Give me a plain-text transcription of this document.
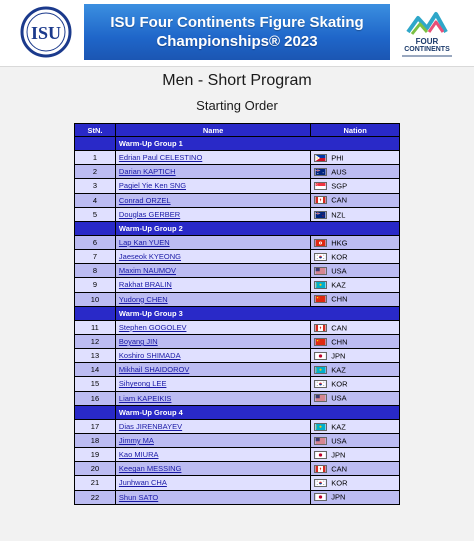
ISU
ISU Four Continents Figure Skating
Championships® 2023	FOUR
CONTINENTS
Men - Short Program
Starting Order
StN.	Name	Nation
	Warm-Up Group 1	
1	Edrian Paul CELESTINO	PHI
2	Darian KAPTICH	AUS
3	Pagiel Yie Ken SNG	SGP
4	Conrad ORZEL	CAN
5	Douglas GERBER	NZL
	Warm-Up Group 2	
6	Lap Kan YUEN	HKG
7	Jaeseok KYEONG	KOR
8	Maxim NAUMOV	USA
9	Rakhat BRALIN	KAZ
10	Yudong CHEN	CHN
	Warm-Up Group 3	
11	Stephen GOGOLEV	CAN
12	Boyang JIN	CHN
13	Koshiro SHIMADA	JPN
14	Mikhail SHAIDOROV	KAZ
15	Sihyeong LEE	KOR
16	Liam KAPEIKIS	USA
	Warm-Up Group 4	
17	Dias JIRENBAYEV	KAZ
18	Jimmy MA	USA
19	Kao MIURA	JPN
20	Keegan MESSING	CAN
21	Junhwan CHA	KOR
22	Shun SATO	JPN
